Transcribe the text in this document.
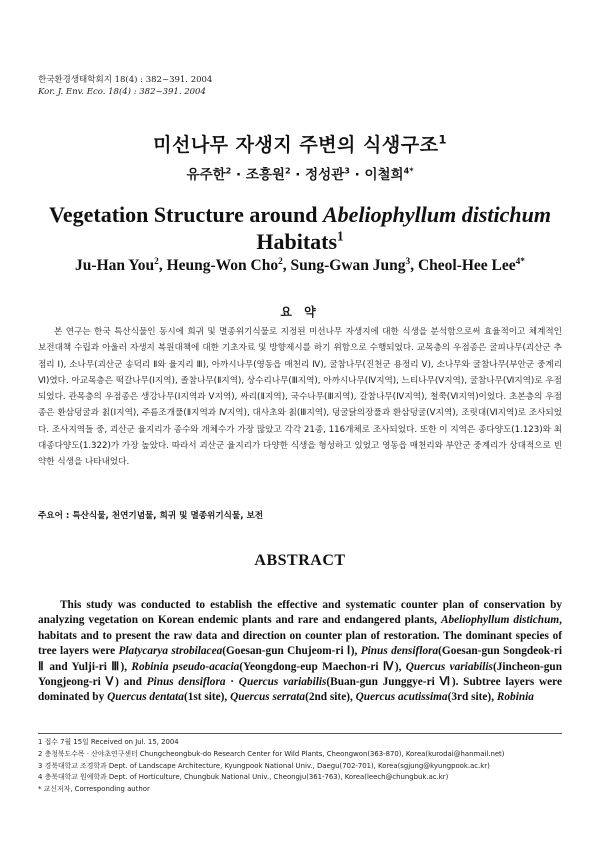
한국환경생태학회지 18(4) : 382~391. 2004
Kor. J. Env. Eco. 18(4) : 382~391. 2004
미선나무 자생지 주변의 식생구조$^1$
유주한$^2$ · 조흥원$^2$ · 정성관$^3$ · 이철희$^{4*}$
Vegetation Structure around Abeliophyllum distichum Habitats$^1$
Ju-Han You$^2$, Heung-Won Cho$^2$, Sung-Gwan Jung$^3$, Cheol-Hee Lee$^{4*}$
요 약

본 연구는 한국 특산식물인 동시에 희귀 및 멸종위기식물로 지정된 미선나무 자생지에 대한 식생을 분석함으로써 효율적이고 체계적인 보전대책 수립과 아울러 자생지 복원대책에 대한 기초자료 및 방향제시를 하기 위함으로 수행되었다. 교목층의 우점종은 굴피나무(괴산군 추점리 Ⅰ), 소나무(괴산군 송덕리 Ⅱ와 율지리 Ⅲ), 아까시나무(영동읍 매천리 Ⅳ), 굴참나무(진천군 용정리 Ⅴ), 소나무와 굴참나무(부안군 중계리 Ⅵ)였다. 아교목층은 떡갈나무(Ⅰ지역), 졸참나무(Ⅱ지역), 상수리나무(Ⅲ지역), 아까시나무(Ⅳ지역), 느티나무(Ⅴ지역), 굴참나무(Ⅵ지역)로 우점되었다. 관목층의 우점종은 생강나무(Ⅰ지역과 Ⅴ지역), 싸리(Ⅱ지역), 국수나무(Ⅲ지역), 갈참나무(Ⅳ지역), 철쭉(Ⅵ지역)이었다. 초본층의 우점종은 환삼덩굴과 칡(Ⅰ지역), 주름조개풀(Ⅱ지역과 Ⅳ지역), 대사초와 칡(Ⅲ지역), 덩굴닭의장풀과 환삼덩굴(Ⅴ지역), 조릿대(Ⅵ지역)로 조사되었다. 조사지역들 중, 괴산군 율지리가 종수와 개체수가 가장 많았고 각각 21종, 116개체로 조사되었다. 또한 이 지역은 종다양도(1.123)와 최대종다양도(1.322)가 가장 높았다. 따라서 괴산군 율지리가 다양한 식생을 형성하고 있었고 영동읍 매천리와 부안군 중계리가 상대적으로 빈약한 식생을 나타내었다.

주요어 : 특산식물, 천연기념물, 희귀 및 멸종위기식물, 보전
ABSTRACT

This study was conducted to establish the effective and systematic counter plan of conservation by analyzing vegetation on Korean endemic plants and rare and endangered plants, Abeliophyllum distichum, habitats and to present the raw data and direction on counter plan of restoration. The dominant species of tree layers were Platycarya strobilacea(Goesan-gun Chujeom-ri Ⅰ), Pinus densiflora(Goesan-gun Songdeok-ri Ⅱ and Yulji-ri Ⅲ), Robinia pseudo-acacia(Yeongdong-eup Maechon-ri Ⅳ), Quercus variabilis(Jincheon-gun Yongjeong-ri Ⅴ) and Pinus densiflora · Quercus variabilis(Buan-gun Junggye-ri Ⅵ). Subtree layers were dominated by Quercus dentata(1st site), Quercus serrata(2nd site), Quercus acutissima(3rd site), Robinia

1 접수 7월 15일 Received on Jul. 15, 2004
2 충청북도수목 · 산야초연구센터 Chungcheongbuk-do Research Center for Wild Plants, Cheongwon(363-870), Korea(kurodai@hanmail.net)
3 경북대학교 조경학과 Dept. of Landscape Architecture, Kyungpook National Univ., Daegu(702-701), Korea(sgjung@kyungpook.ac.kr)
4 충북대학교 원예학과 Dept. of Horticulture, Chungbuk National Univ., Cheongju(361-763), Korea(leech@chungbuk.ac.kr)
* 교신저자, Corresponding author
